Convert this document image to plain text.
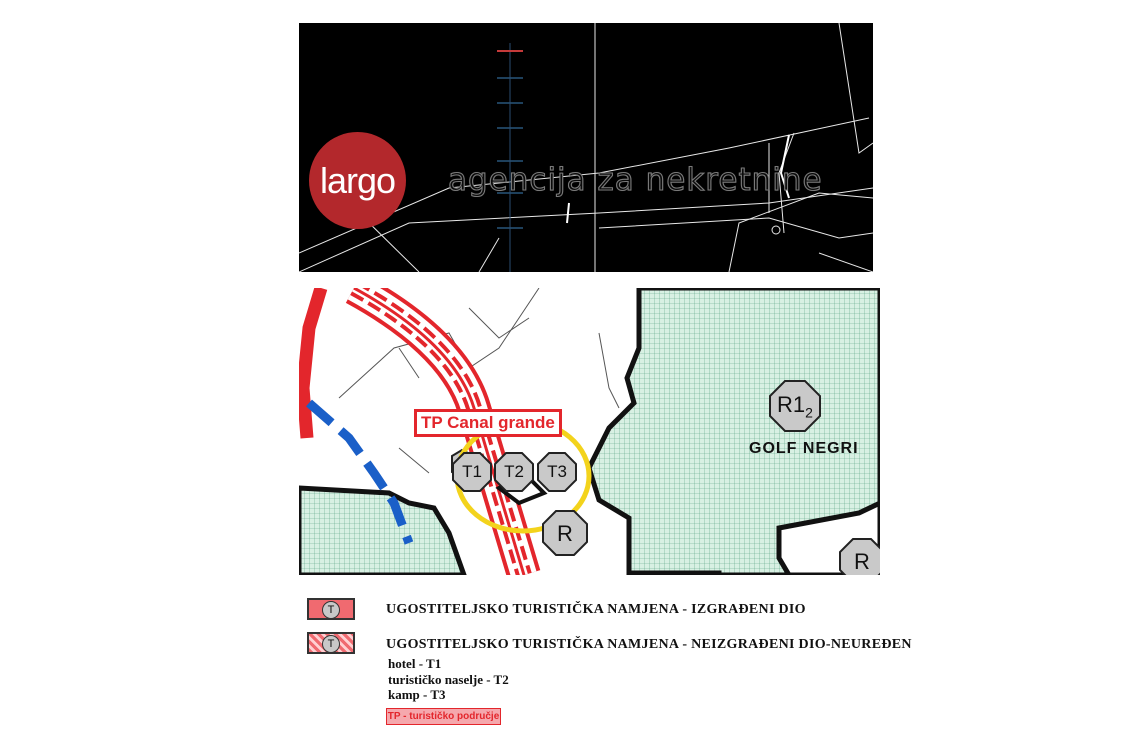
largo	agencija za nekretnine
T1	T2	T3
R
R
$R1_2$
TP Canal grande
GOLF NEGRI
T	UGOSTITELJSKO TURISTIČKA NAMJENA - IZGRAĐENI DIO
T	UGOSTITELJSKO TURISTIČKA NAMJENA - NEIZGRAĐENI DIO-NEUREĐEN
hotel - T1
turističko naselje - T2
kamp - T3
TP - turističko područje
